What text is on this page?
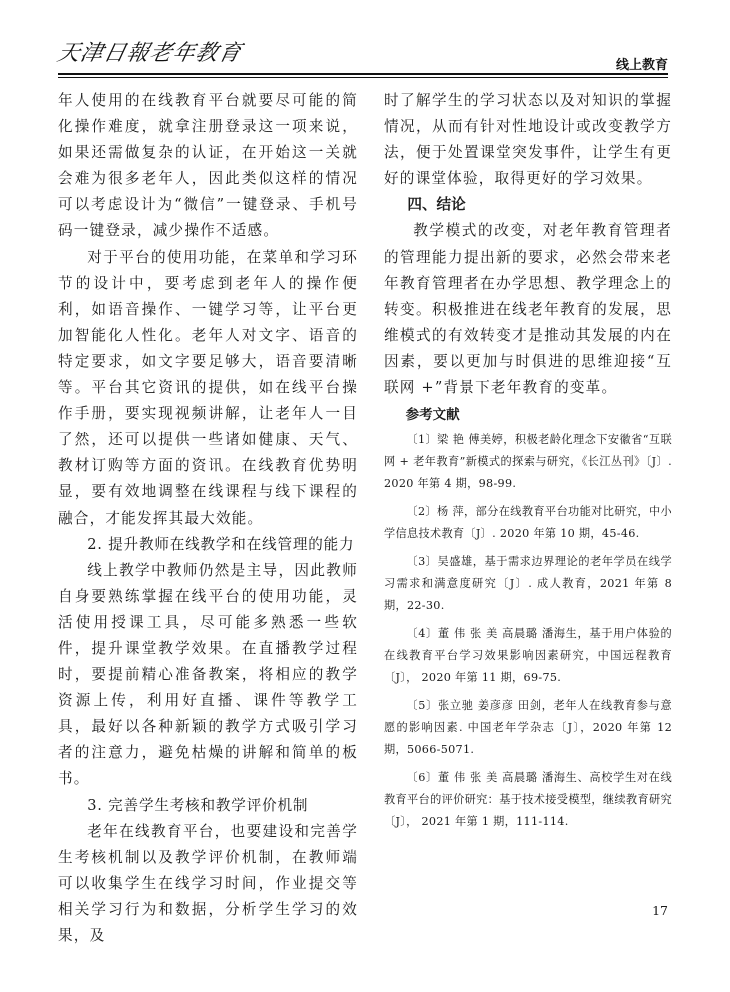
天津日報老年教育	线上教育

年人使用的在线教育平台就要尽可能的简化操作难度，就拿注册登录这一项来说，如果还需做复杂的认证，在开始这一关就会难为很多老年人，因此类似这样的情况可以考虑设计为“微信”一键登录、手机号码一键登录，减少操作不适感。

对于平台的使用功能，在菜单和学习环节的设计中，要考虑到老年人的操作便利，如语音操作、一键学习等，让平台更加智能化人性化。老年人对文字、语音的特定要求，如文字要足够大，语音要清晰等。平台其它资讯的提供，如在线平台操作手册，要实现视频讲解，让老年人一目了然，还可以提供一些诸如健康、天气、教材订购等方面的资讯。在线教育优势明显，要有效地调整在线课程与线下课程的融合，才能发挥其最大效能。

2. 提升教师在线教学和在线管理的能力

线上教学中教师仍然是主导，因此教师自身要熟练掌握在线平台的使用功能，灵活使用授课工具，尽可能多熟悉一些软件，提升课堂教学效果。在直播教学过程时，要提前精心准备教案，将相应的教学资源上传，利用好直播、课件等教学工具，最好以各种新颖的教学方式吸引学习者的注意力，避免枯燥的讲解和简单的板书。

3. 完善学生考核和教学评价机制

老年在线教育平台，也要建设和完善学生考核机制以及教学评价机制，在教师端可以收集学生在线学习时间，作业提交等相关学习行为和数据，分析学生学习的效果，及

时了解学生的学习状态以及对知识的掌握情况，从而有针对性地设计或改变教学方法，便于处置课堂突发事件，让学生有更好的课堂体验，取得更好的学习效果。

四、结论

教学模式的改变，对老年教育管理者的管理能力提出新的要求，必然会带来老年教育管理者在办学思想、教学理念上的转变。积极推进在线老年教育的发展，思维模式的有效转变才是推动其发展的内在因素，要以更加与时俱进的思维迎接“互联网 +”背景下老年教育的变革。

参考文献

〔1〕梁 艳 傅美婷，积极老龄化理念下安徽省“互联网 + 老年教育”新模式的探索与研究，《长江丛刊》〔J〕. 2020 年第 4 期，98-99.

〔2〕杨 萍，部分在线教育平台功能对比研究，中小学信息技术教育〔J〕. 2020 年第 10 期，45-46.

〔3〕吴盛雄，基于需求边界理论的老年学员在线学习需求和满意度研究〔J〕. 成人教育，2021 年第 8 期，22-30.

〔4〕董 伟 张 美 高晨璐 潘海生，基于用户体验的在线教育平台学习效果影响因素研究，中国远程教育〔J〕， 2020 年第 11 期，69-75.

〔5〕张立驰 姜彦彦 田剑，老年人在线教育参与意愿的影响因素. 中国老年学杂志〔J〕，2020 年第 12 期，5066-5071.

〔6〕董 伟 张 美 高晨璐 潘海生、高校学生对在线教育平台的评价研究：基于技术接受模型，继续教育研究〔J〕， 2021 年第 1 期，111-114.

17
